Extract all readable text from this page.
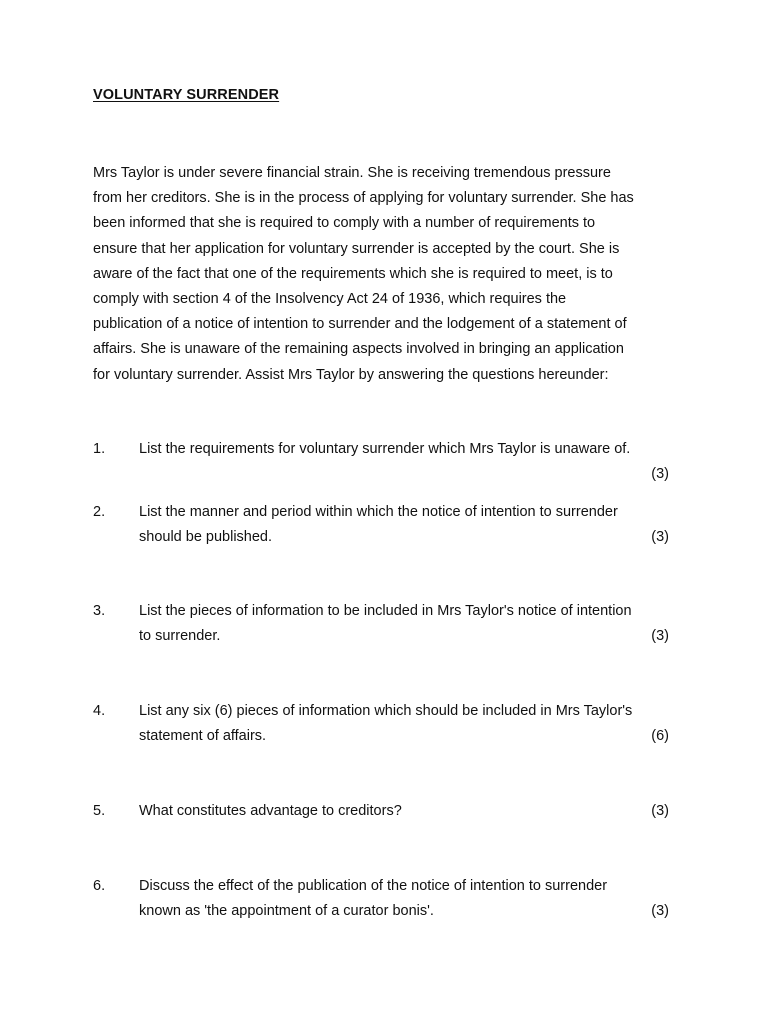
VOLUNTARY SURRENDER

Mrs Taylor is under severe financial strain. She is receiving tremendous pressure
from her creditors. She is in the process of applying for voluntary surrender. She has
been informed that she is required to comply with a number of requirements to
ensure that her application for voluntary surrender is accepted by the court. She is
aware of the fact that one of the requirements which she is required to meet, is to
comply with section 4 of the Insolvency Act 24 of 1936, which requires the
publication of a notice of intention to surrender and the lodgement of a statement of
affairs. She is unaware of the remaining aspects involved in bringing an application
for voluntary surrender. Assist Mrs Taylor by answering the questions hereunder:

1. List the requirements for voluntary surrender which Mrs Taylor is unaware of.

(3)
2. List the manner and period within which the notice of intention to surrender
should be published.	(3)
3. List the pieces of information to be included in Mrs Taylor's notice of intention
to surrender.	(3)
4. List any six (6) pieces of information which should be included in Mrs Taylor's
statement of affairs.	(6)
5. What constitutes advantage to creditors?	(3)
6. Discuss the effect of the publication of the notice of intention to surrender
known as 'the appointment of a curator bonis'.	(3)
